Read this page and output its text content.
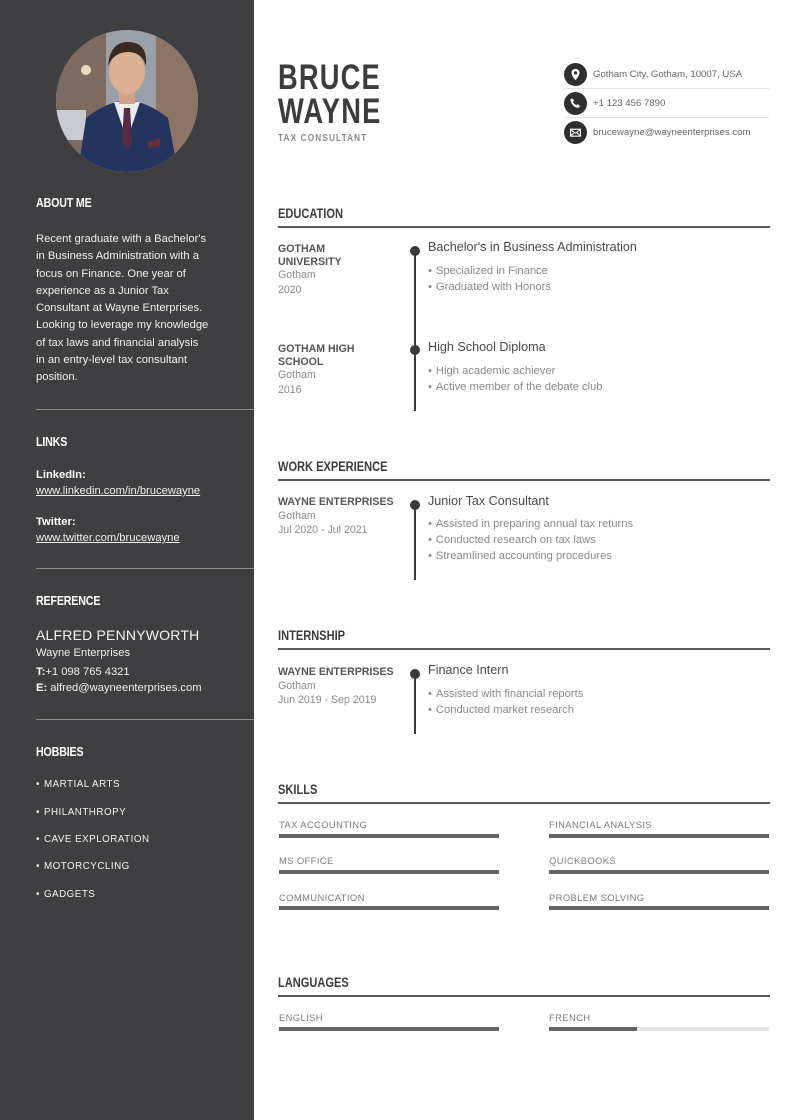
ABOUT ME
Recent graduate with a Bachelor's
in Business Administration with a
focus on Finance. One year of
experience as a Junior Tax
Consultant at Wayne Enterprises.
Looking to leverage my knowledge
of tax laws and financial analysis
in an entry-level tax consultant
position.
LINKS
LinkedIn:
www.linkedin.com/in/brucewayne
Twitter:
www.twitter.com/brucewayne
REFERENCE
ALFRED PENNYWORTH
Wayne Enterprises
T:+1 098 765 4321
E: alfred@wayneenterprises.com
HOBBIES
• MARTIAL ARTS
• PHILANTHROPY
• CAVE EXPLORATION
• MOTORCYCLING
• GADGETS
BRUCE
WAYNE
TAX CONSULTANT
Gotham City, Gotham, 10007, USA
+1 123 456 7890
brucewayne@wayneenterprises.com
EDUCATION
GOTHAM
UNIVERSITY
Gotham
2020
Bachelor's in Business Administration
• Specialized in Finance
• Graduated with Honors
GOTHAM HIGH
SCHOOL
Gotham
2016
High School Diploma
• High academic achiever
• Active member of the debate club
WORK EXPERIENCE
WAYNE ENTERPRISES
Gotham
Jul 2020 - Jul 2021
Junior Tax Consultant
• Assisted in preparing annual tax returns
• Conducted research on tax laws
• Streamlined accounting procedures
INTERNSHIP
WAYNE ENTERPRISES
Gotham
Jun 2019 - Sep 2019
Finance Intern
• Assisted with financial reports
• Conducted market research
SKILLS
TAX ACCOUNTING	FINANCIAL ANALYSIS
MS OFFICE	QUICKBOOKS
COMMUNICATION	PROBLEM SOLVING
LANGUAGES
ENGLISH	FRENCH
